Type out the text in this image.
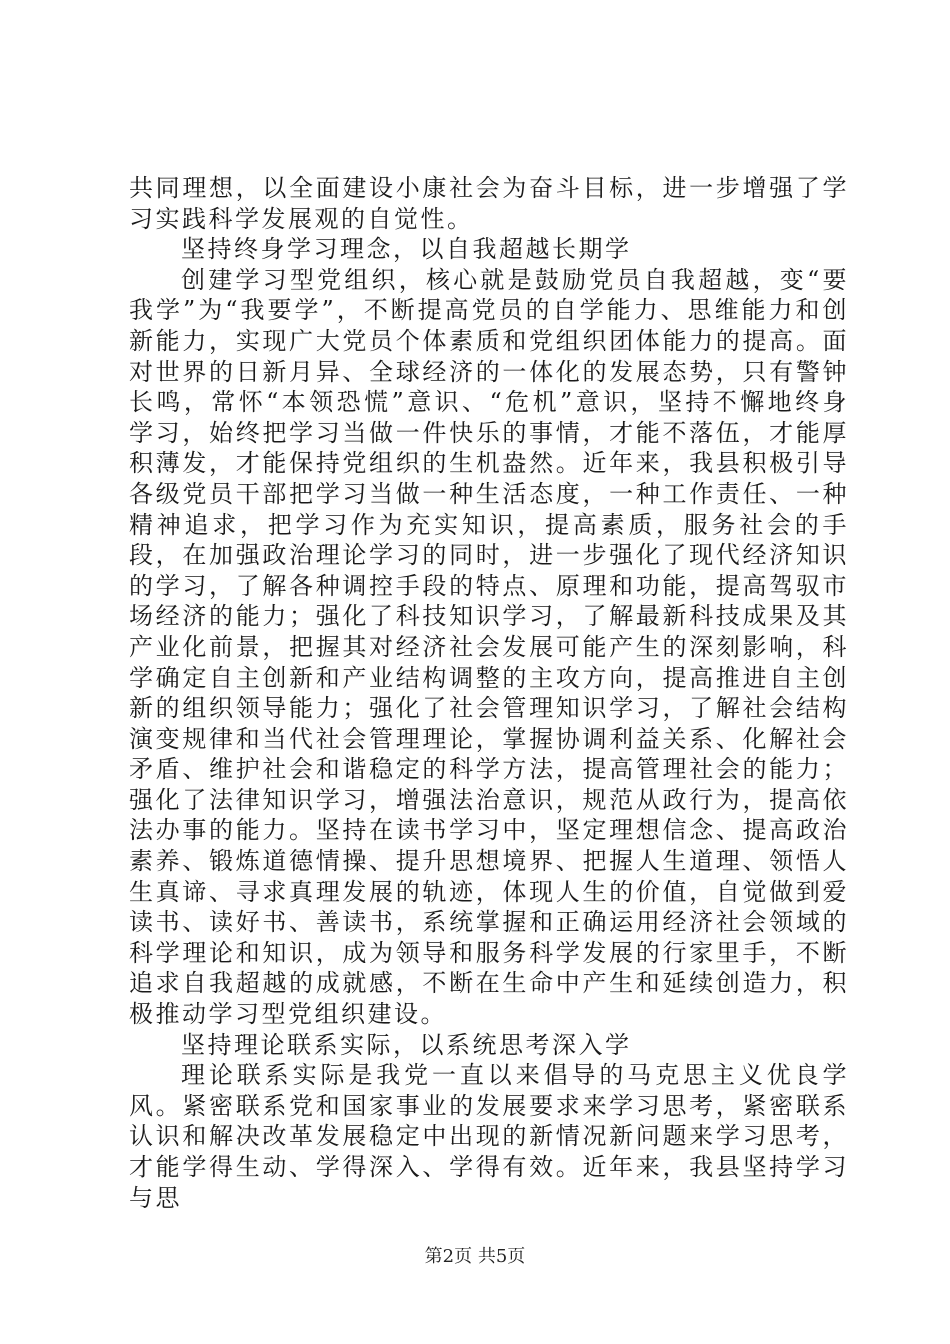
共同理想，以全面建设小康社会为奋斗目标，进一步增强了学习实践科学发展观的自觉性。

坚持终身学习理念，以自我超越长期学

创建学习型党组织，核心就是鼓励党员自我超越，变“要我学”为“我要学”，不断提高党员的自学能力、思维能力和创新能力，实现广大党员个体素质和党组织团体能力的提高。面对世界的日新月异、全球经济的一体化的发展态势，只有警钟长鸣，常怀“本领恐慌”意识、“危机”意识，坚持不懈地终身学习，始终把学习当做一件快乐的事情，才能不落伍，才能厚积薄发，才能保持党组织的生机盎然。近年来，我县积极引导各级党员干部把学习当做一种生活态度，一种工作责任、一种精神追求，把学习作为充实知识，提高素质，服务社会的手段，在加强政治理论学习的同时，进一步强化了现代经济知识的学习，了解各种调控手段的特点、原理和功能，提高驾驭市场经济的能力；强化了科技知识学习，了解最新科技成果及其产业化前景，把握其对经济社会发展可能产生的深刻影响，科学确定自主创新和产业结构调整的主攻方向，提高推进自主创新的组织领导能力；强化了社会管理知识学习，了解社会结构演变规律和当代社会管理理论，掌握协调利益关系、化解社会矛盾、维护社会和谐稳定的科学方法，提高管理社会的能力；强化了法律知识学习，增强法治意识，规范从政行为，提高依法办事的能力。坚持在读书学习中，坚定理想信念、提高政治素养、锻炼道德情操、提升思想境界、把握人生道理、领悟人生真谛、寻求真理发展的轨迹，体现人生的价值，自觉做到爱读书、读好书、善读书，系统掌握和正确运用经济社会领域的科学理论和知识，成为领导和服务科学发展的行家里手，不断追求自我超越的成就感，不断在生命中产生和延续创造力，积极推动学习型党组织建设。

坚持理论联系实际，以系统思考深入学

理论联系实际是我党一直以来倡导的马克思主义优良学风。紧密联系党和国家事业的发展要求来学习思考，紧密联系认识和解决改革发展稳定中出现的新情况新问题来学习思考，才能学得生动、学得深入、学得有效。近年来，我县坚持学习与思

第2页 共5页
